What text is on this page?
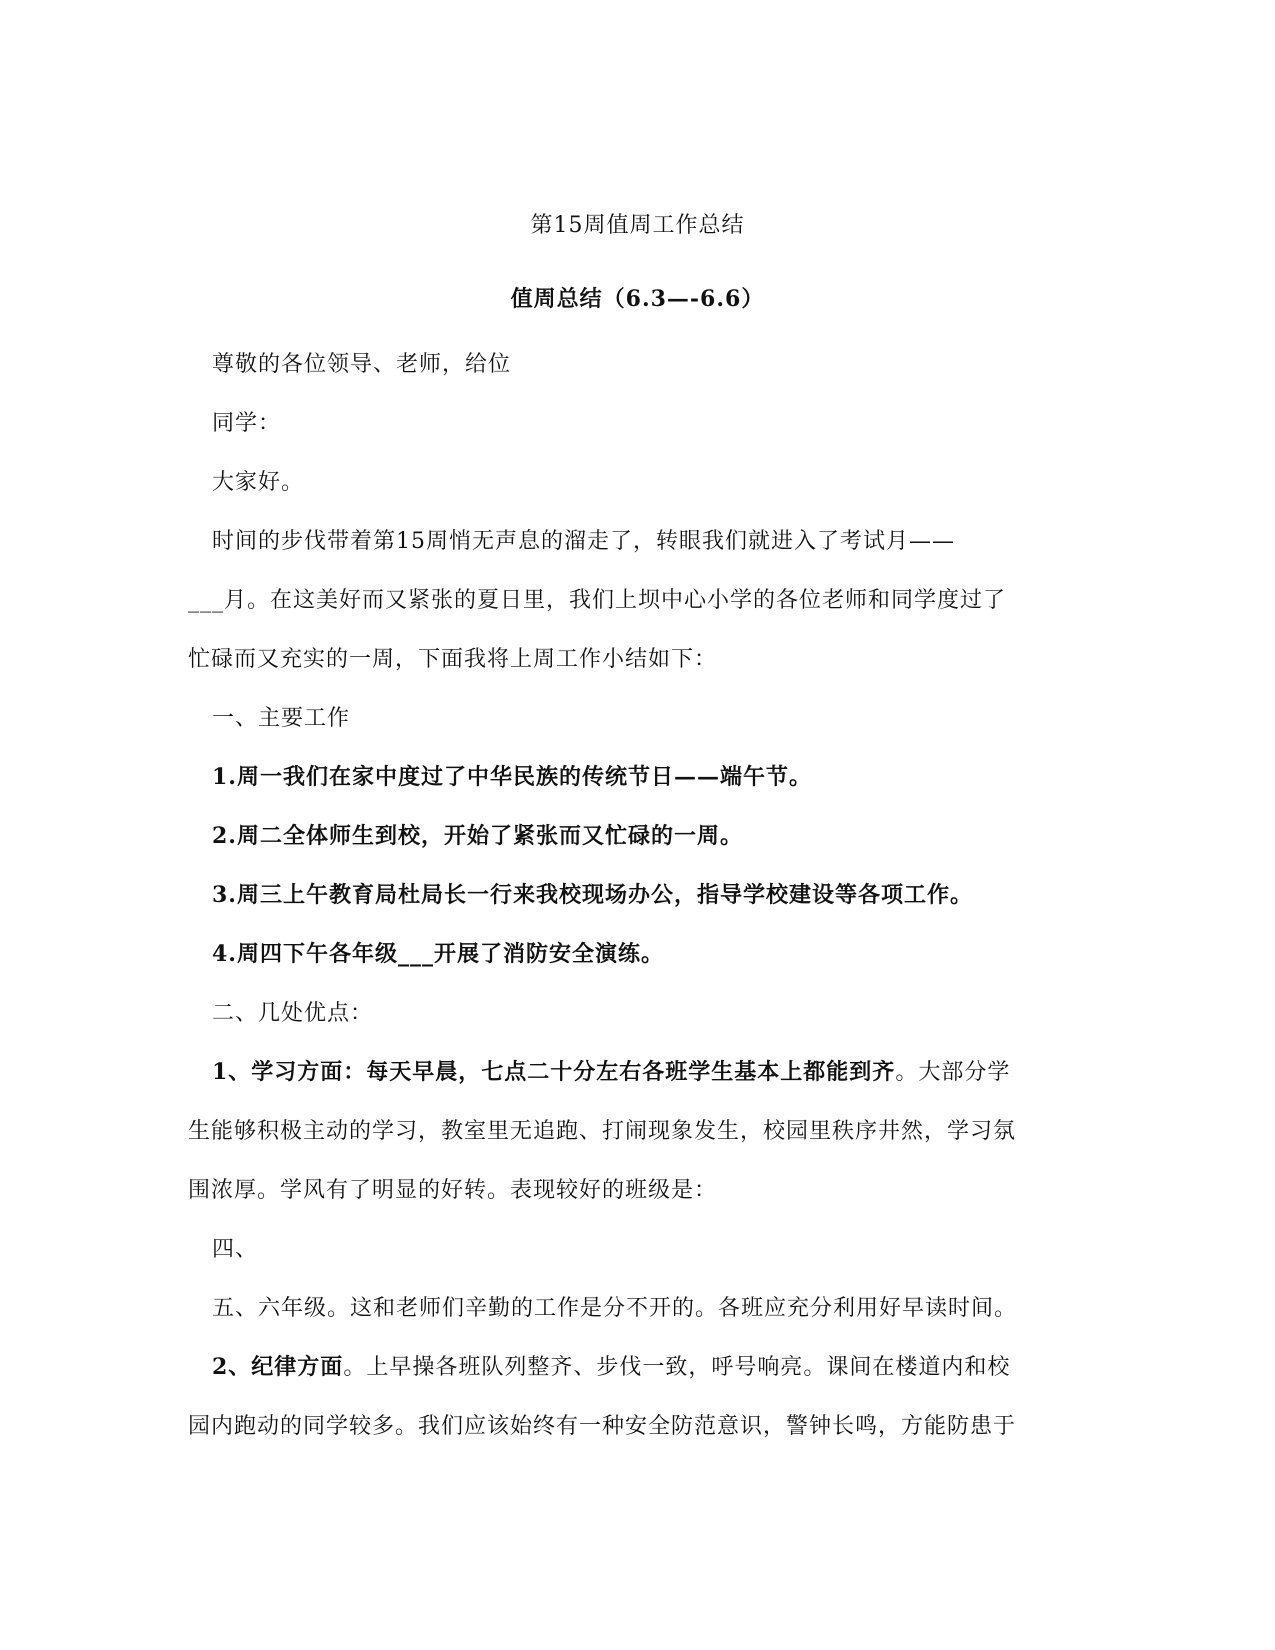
第15周值周工作总结
值周总结（6.3—-6.6）

尊敬的各位领导、老师，给位

同学：

大家好。

时间的步伐带着第15周悄无声息的溜走了，转眼我们就进入了考试月——

___月。在这美好而又紧张的夏日里，我们上坝中心小学的各位老师和同学度过了

忙碌而又充实的一周，下面我将上周工作小结如下：

一、主要工作

1.周一我们在家中度过了中华民族的传统节日——端午节。

2.周二全体师生到校，开始了紧张而又忙碌的一周。

3.周三上午教育局杜局长一行来我校现场办公，指导学校建设等各项工作。

4.周四下午各年级___开展了消防安全演练。

二、几处优点：

1、学习方面：每天早晨，七点二十分左右各班学生基本上都能到齐。大部分学

生能够积极主动的学习，教室里无追跑、打闹现象发生，校园里秩序井然，学习氛

围浓厚。学风有了明显的好转。表现较好的班级是：

四、

五、六年级。这和老师们辛勤的工作是分不开的。各班应充分利用好早读时间。

2、纪律方面。上早操各班队列整齐、步伐一致，呼号响亮。课间在楼道内和校

园内跑动的同学较多。我们应该始终有一种安全防范意识，警钟长鸣，方能防患于
